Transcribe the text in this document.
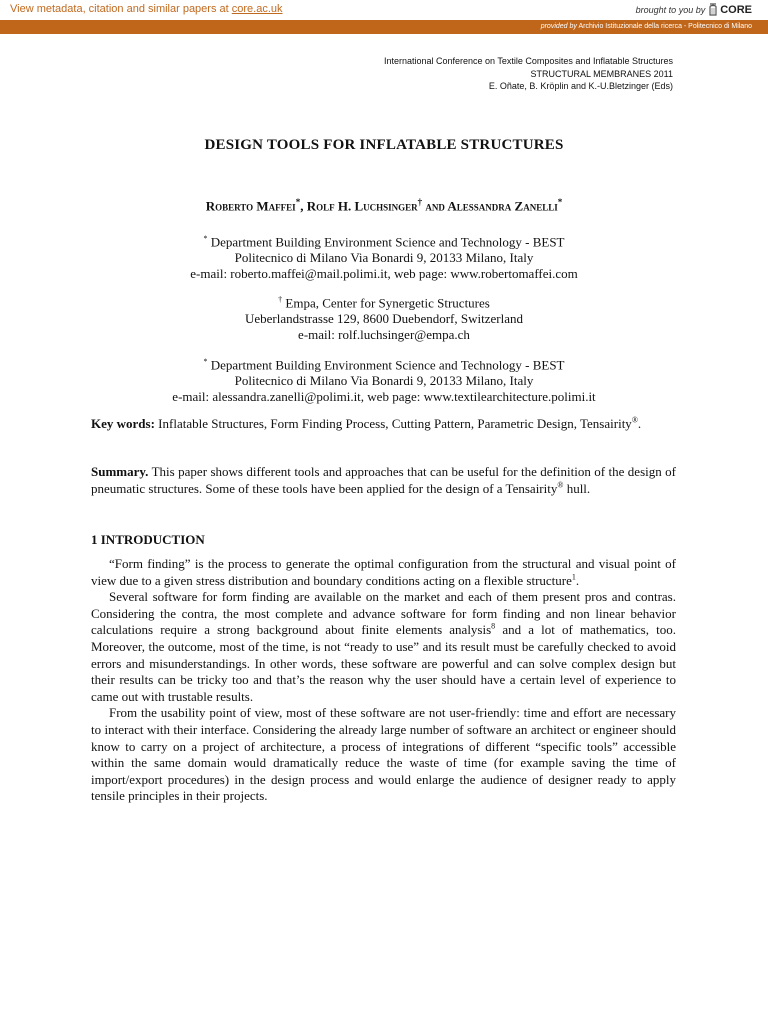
View metadata, citation and similar papers at core.ac.uk	brought to you by CORE
provided by Archivio Istituzionale della ricerca - Politecnico di Milano
International Conference on Textile Composites and Inflatable Structures
STRUCTURAL MEMBRANES 2011
E. Oñate, B. Kröplin and K.-U.Bletzinger (Eds)
DESIGN TOOLS FOR INFLATABLE STRUCTURES
Roberto Maffei*, Rolf H. Luchsinger† and Alessandra Zanelli*
* Department Building Environment Science and Technology - BEST
Politecnico di Milano Via Bonardi 9, 20133 Milano, Italy
e-mail: roberto.maffei@mail.polimi.it, web page: www.robertomaffei.com
† Empa, Center for Synergetic Structures
Ueberlandstrasse 129, 8600 Duebendorf, Switzerland
e-mail: rolf.luchsinger@empa.ch
* Department Building Environment Science and Technology - BEST
Politecnico di Milano Via Bonardi 9, 20133 Milano, Italy
e-mail: alessandra.zanelli@polimi.it, web page: www.textilearchitecture.polimi.it
Key words: Inflatable Structures, Form Finding Process, Cutting Pattern, Parametric Design, Tensairity®.
Summary. This paper shows different tools and approaches that can be useful for the definition of the design of pneumatic structures. Some of these tools have been applied for the design of a Tensairity® hull.
1 INTRODUCTION

“Form finding” is the process to generate the optimal configuration from the structural and visual point of view due to a given stress distribution and boundary conditions acting on a flexible structure$^1$.

Several software for form finding are available on the market and each of them present pros and contras. Considering the contra, the most complete and advance software for form finding and non linear behavior calculations require a strong background about finite elements analysis$^8$ and a lot of mathematics, too. Moreover, the outcome, most of the time, is not “ready to use” and its result must be carefully checked to avoid errors and misunderstandings. In other words, these software are powerful and can solve complex design but their results can be tricky too and that’s the reason why the user should have a certain level of experience to came out with trustable results.

From the usability point of view, most of these software are not user-friendly: time and effort are necessary to interact with their interface. Considering the already large number of software an architect or engineer should know to carry on a project of architecture, a process of integrations of different “specific tools” accessible within the same domain would dramatically reduce the waste of time (for example saving the time of import/export procedures) in the design process and would enlarge the audience of designer ready to apply tensile principles in their projects.
